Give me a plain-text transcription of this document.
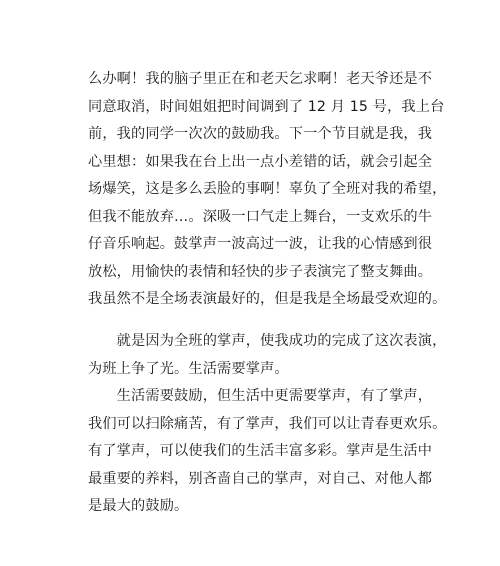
么办啊！我的脑子里正在和老天乞求啊！老天爷还是不
同意取消，时间姐姐把时间调到了 12 月 15 号，我上台
前，我的同学一次次的鼓励我。下一个节目就是我，我
心里想：如果我在台上出一点小差错的话，就会引起全
场爆笑，这是多么丢脸的事啊！辜负了全班对我的希望，
但我不能放弃…。深吸一口气走上舞台，一支欢乐的牛
仔音乐响起。鼓掌声一波高过一波，让我的心情感到很
放松，用愉快的表情和轻快的步子表演完了整支舞曲。
我虽然不是全场表演最好的，但是我是全场最受欢迎的。
　　就是因为全班的掌声，使我成功的完成了这次表演，
为班上争了光。生活需要掌声。
　　生活需要鼓励，但生活中更需要掌声，有了掌声，
我们可以扫除痛苦，有了掌声，我们可以让青春更欢乐。
有了掌声，可以使我们的生活丰富多彩。掌声是生活中
最重要的养料，别吝啬自己的掌声，对自己、对他人都
是最大的鼓励。
